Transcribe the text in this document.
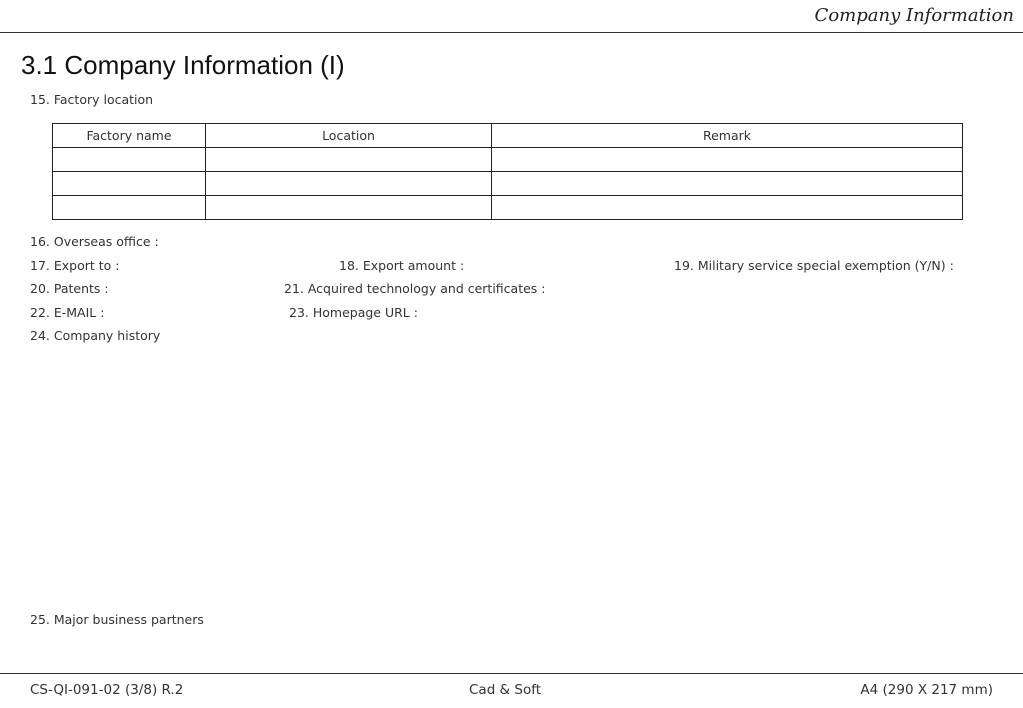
Company Information
3.1 Company Information (I)
15. Factory location
Factory name	Location	Remark

16. Overseas office :
17. Export to :	18. Export amount :	19. Military service special exemption (Y/N) :
20. Patents :	21. Acquired technology and certificates :
22. E-MAIL :	23. Homepage URL :
24. Company history
25. Major business partners
CS-QI-091-02 (3/8) R.2	Cad & Soft	A4 (290 X 217 mm)
